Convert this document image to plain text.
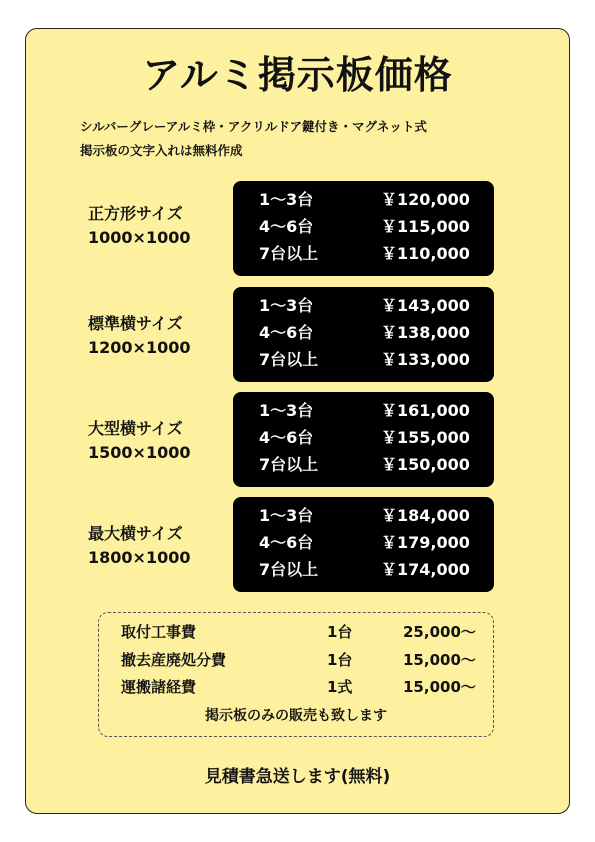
アルミ掲示板価格
シルバーグレーアルミ枠・アクリルドア鍵付き・マグネット式
掲示板の文字入れは無料作成
正方形サイズ
1000×1000
1～3台	￥120,000
4～6台	￥115,000
7台以上	￥110,000
標準横サイズ
1200×1000
1～3台	￥143,000
4～6台	￥138,000
7台以上	￥133,000
大型横サイズ
1500×1000
1～3台	￥161,000
4～6台	￥155,000
7台以上	￥150,000
最大横サイズ
1800×1000
1～3台	￥184,000
4～6台	￥179,000
7台以上	￥174,000
取付工事費	1台	25,000～
撤去産廃処分費	1台	15,000～
運搬諸経費	1式	15,000～
掲示板のみの販売も致します
見積書急送します(無料)
